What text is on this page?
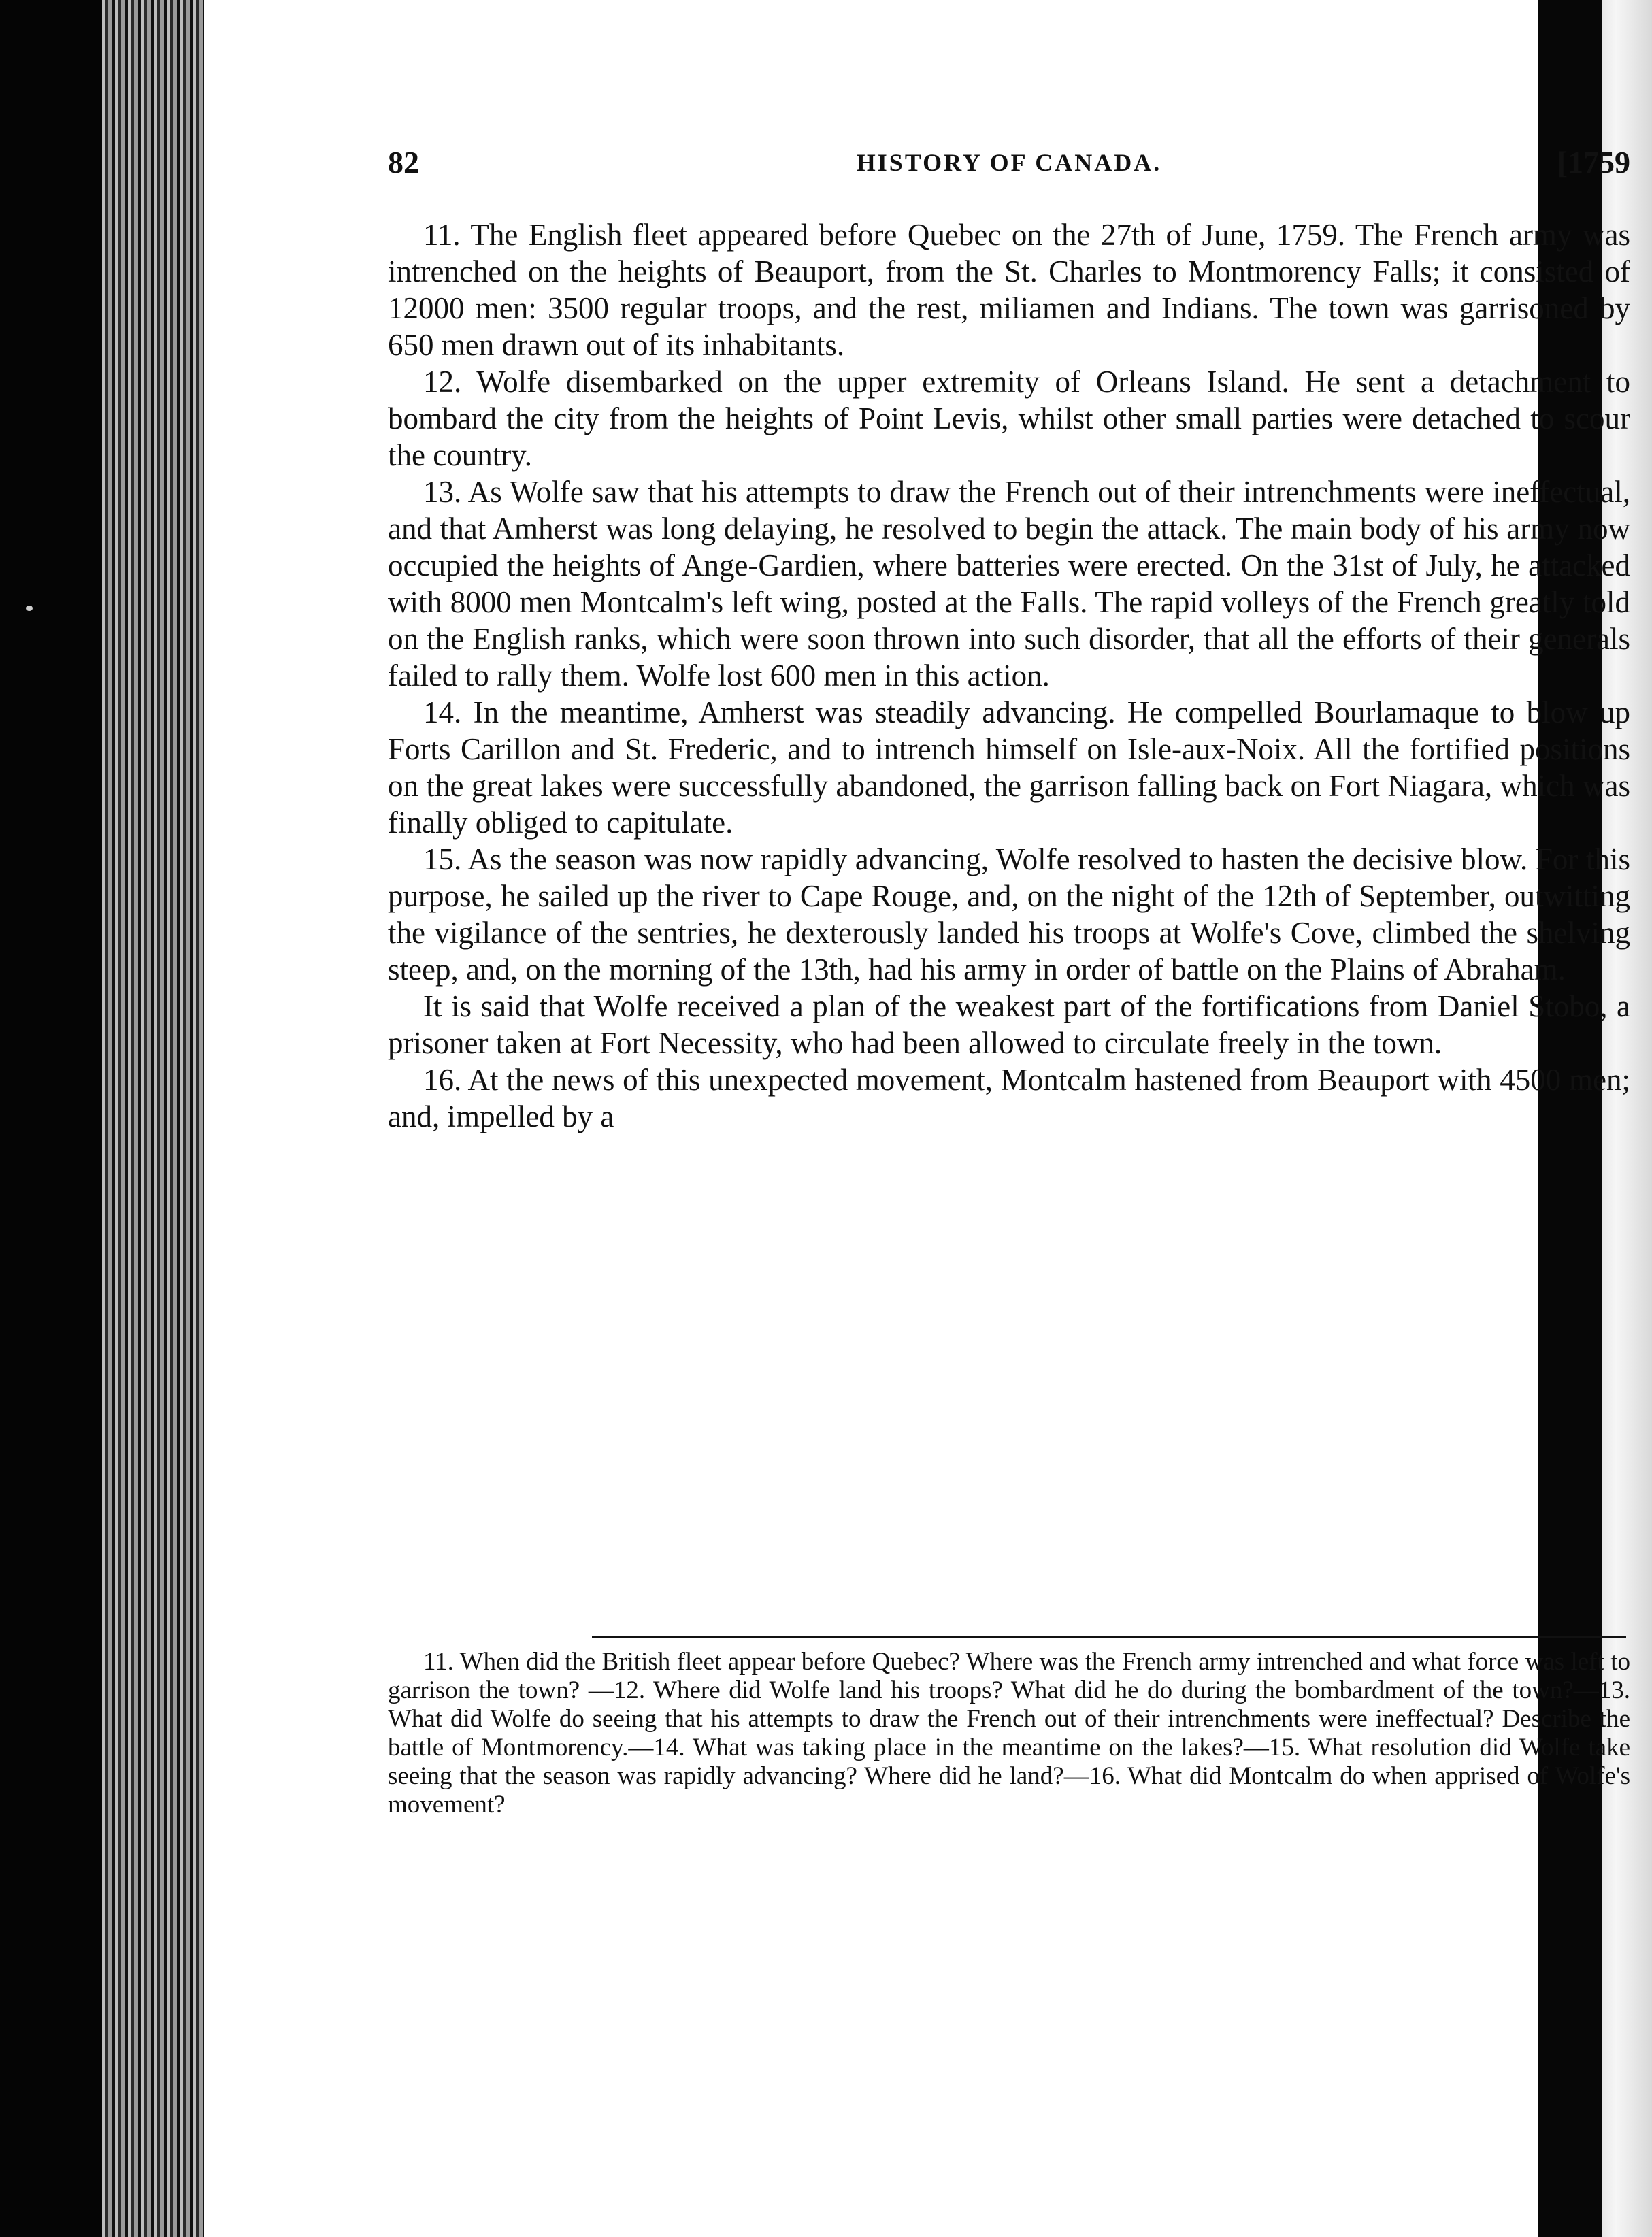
82	HISTORY OF CANADA.	[1759

11. The English fleet appeared before Quebec on the 27th of June, 1759. The French army was intrenched on the heights of Beauport, from the St. Charles to Montmorency Falls; it consisted of 12000 men: 3500 regular troops, and the rest, miliamen and Indians. The town was garrisoned by 650 men drawn out of its inhabitants.

12. Wolfe disembarked on the upper extremity of Orleans Island. He sent a detachment to bombard the city from the heights of Point Levis, whilst other small parties were detached to scour the country.

13. As Wolfe saw that his attempts to draw the French out of their intrenchments were ineffectual, and that Amherst was long delaying, he resolved to begin the attack. The main body of his army now occupied the heights of Ange-Gardien, where batteries were erected. On the 31st of July, he attacked with 8000 men Montcalm's left wing, posted at the Falls. The rapid volleys of the French greatly told on the English ranks, which were soon thrown into such disorder, that all the efforts of their generals failed to rally them. Wolfe lost 600 men in this action.

14. In the meantime, Amherst was steadily advancing. He compelled Bourlamaque to blow up Forts Carillon and St. Frederic, and to intrench himself on Isle-aux-Noix. All the fortified positions on the great lakes were successfully abandoned, the garrison falling back on Fort Niagara, which was finally obliged to capitulate.

15. As the season was now rapidly advancing, Wolfe resolved to hasten the decisive blow. For this purpose, he sailed up the river to Cape Rouge, and, on the night of the 12th of September, outwitting the vigilance of the sentries, he dexterously landed his troops at Wolfe's Cove, climbed the shelving steep, and, on the morning of the 13th, had his army in order of battle on the Plains of Abraham.

It is said that Wolfe received a plan of the weakest part of the fortifications from Daniel Stobo, a prisoner taken at Fort Necessity, who had been allowed to circulate freely in the town.

16. At the news of this unexpected movement, Montcalm hastened from Beauport with 4500 men; and, impelled by a

11. When did the British fleet appear before Quebec? Where was the French army intrenched and what force was left to garrison the town? —12. Where did Wolfe land his troops? What did he do during the bombardment of the town?—13. What did Wolfe do seeing that his attempts to draw the French out of their intrenchments were ineffectual? Describe the battle of Montmorency.—14. What was taking place in the meantime on the lakes?—15. What resolution did Wolfe take seeing that the season was rapidly advancing? Where did he land?—16. What did Montcalm do when apprised of Wolfe's movement?
